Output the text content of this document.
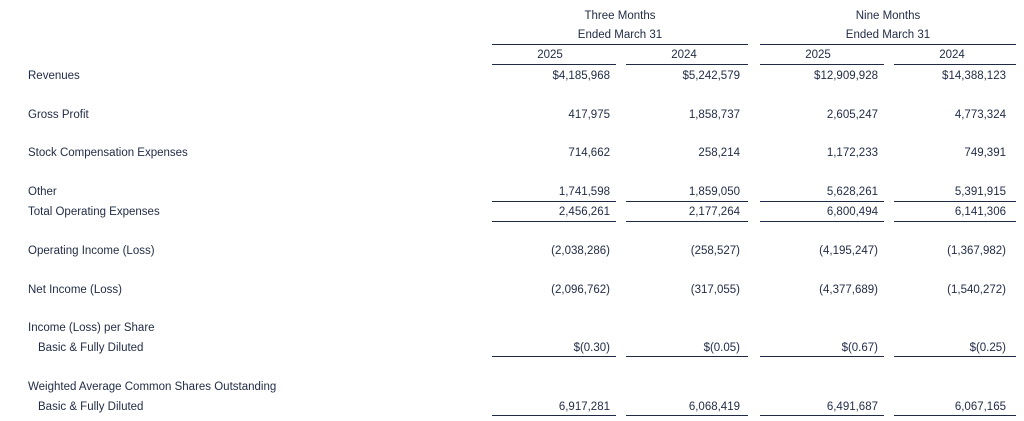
Three Months
Ended March 31
Nine Months
Ended March 31
2025	2024	2025	2024
Revenues	$4,185,968	$5,242,579	$12,909,928	$14,388,123
Gross Profit	417,975	1,858,737	2,605,247	4,773,324
Stock Compensation Expenses	714,662	258,214	1,172,233	749,391
Other	1,741,598	1,859,050	5,628,261	5,391,915
Total Operating Expenses	2,456,261	2,177,264	6,800,494	6,141,306
Operating Income (Loss)	(2,038,286)	(258,527)	(4,195,247)	(1,367,982)
Net Income (Loss)	(2,096,762)	(317,055)	(4,377,689)	(1,540,272)
Income (Loss) per Share
Basic & Fully Diluted	$(0.30)	$(0.05)	$(0.67)	$(0.25)
Weighted Average Common Shares Outstanding
Basic & Fully Diluted	6,917,281	6,068,419	6,491,687	6,067,165
